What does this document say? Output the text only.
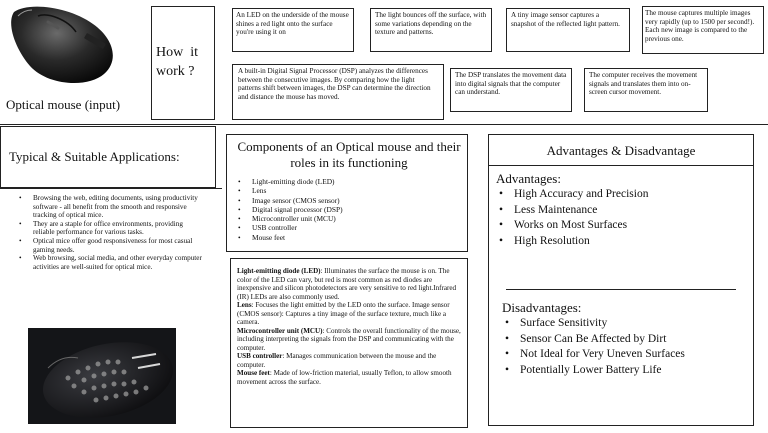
Optical mouse (input)
How  it work ?
An LED on the underside of the mouse shines a red light onto the surface you're using it on
The light bounces off the surface, with some variations depending on the texture and patterns.
A tiny image sensor captures a snapshot of the reflected light pattern.
The mouse captures multiple images very rapidly (up to 1500 per second!). Each new image is compared to the previous one.
A built-in Digital Signal Processor (DSP) analyzes the differences between the consecutive images. By comparing how the light patterns shift between images, the DSP can determine the direction and distance the mouse has moved.
The DSP translates the movement data into digital signals that the computer can understand.
The computer receives the movement signals and translates them into on-screen cursor movement.
Typical & Suitable Applications:
• Browsing the web, editing documents, using productivity software - all benefit from the smooth and responsive tracking of optical mice.
• They are a staple for office environments, providing reliable performance for various tasks.
• Optical mice offer good responsiveness for most casual gaming needs.
• Web browsing, social media, and other everyday computer activities are well-suited for optical mice.
Components of an Optical mouse and their roles in its functioning
• Light-emitting diode (LED)
• Lens
• Image sensor (CMOS sensor)
• Digital signal processor (DSP)
• Microcontroller unit (MCU)
• USB controller
• Mouse feet
Light-emitting diode (LED): Illuminates the surface the mouse is on. The color of the LED can vary, but red is most common as red diodes are inexpensive and silicon photodetectors are very sensitive to red light.Infrared (IR) LEDs are also commonly used.
Lens: Focuses the light emitted by the LED onto the surface. Image sensor (CMOS sensor): Captures a tiny image of the surface texture, much like a camera.
Microcontroller unit (MCU): Controls the overall functionality of the mouse, including interpreting the signals from the DSP and communicating with the computer.
USB controller: Manages communication between the mouse and the computer.
Mouse feet: Made of low-friction material, usually Teflon, to allow smooth movement across the surface.
Advantages & Disadvantage
Advantages:
• High Accuracy and Precision
• Less Maintenance
• Works on Most Surfaces
• High Resolution
Disadvantages:
• Surface Sensitivity
• Sensor Can Be Affected by Dirt
• Not Ideal for Very Uneven Surfaces
• Potentially Lower Battery Life
